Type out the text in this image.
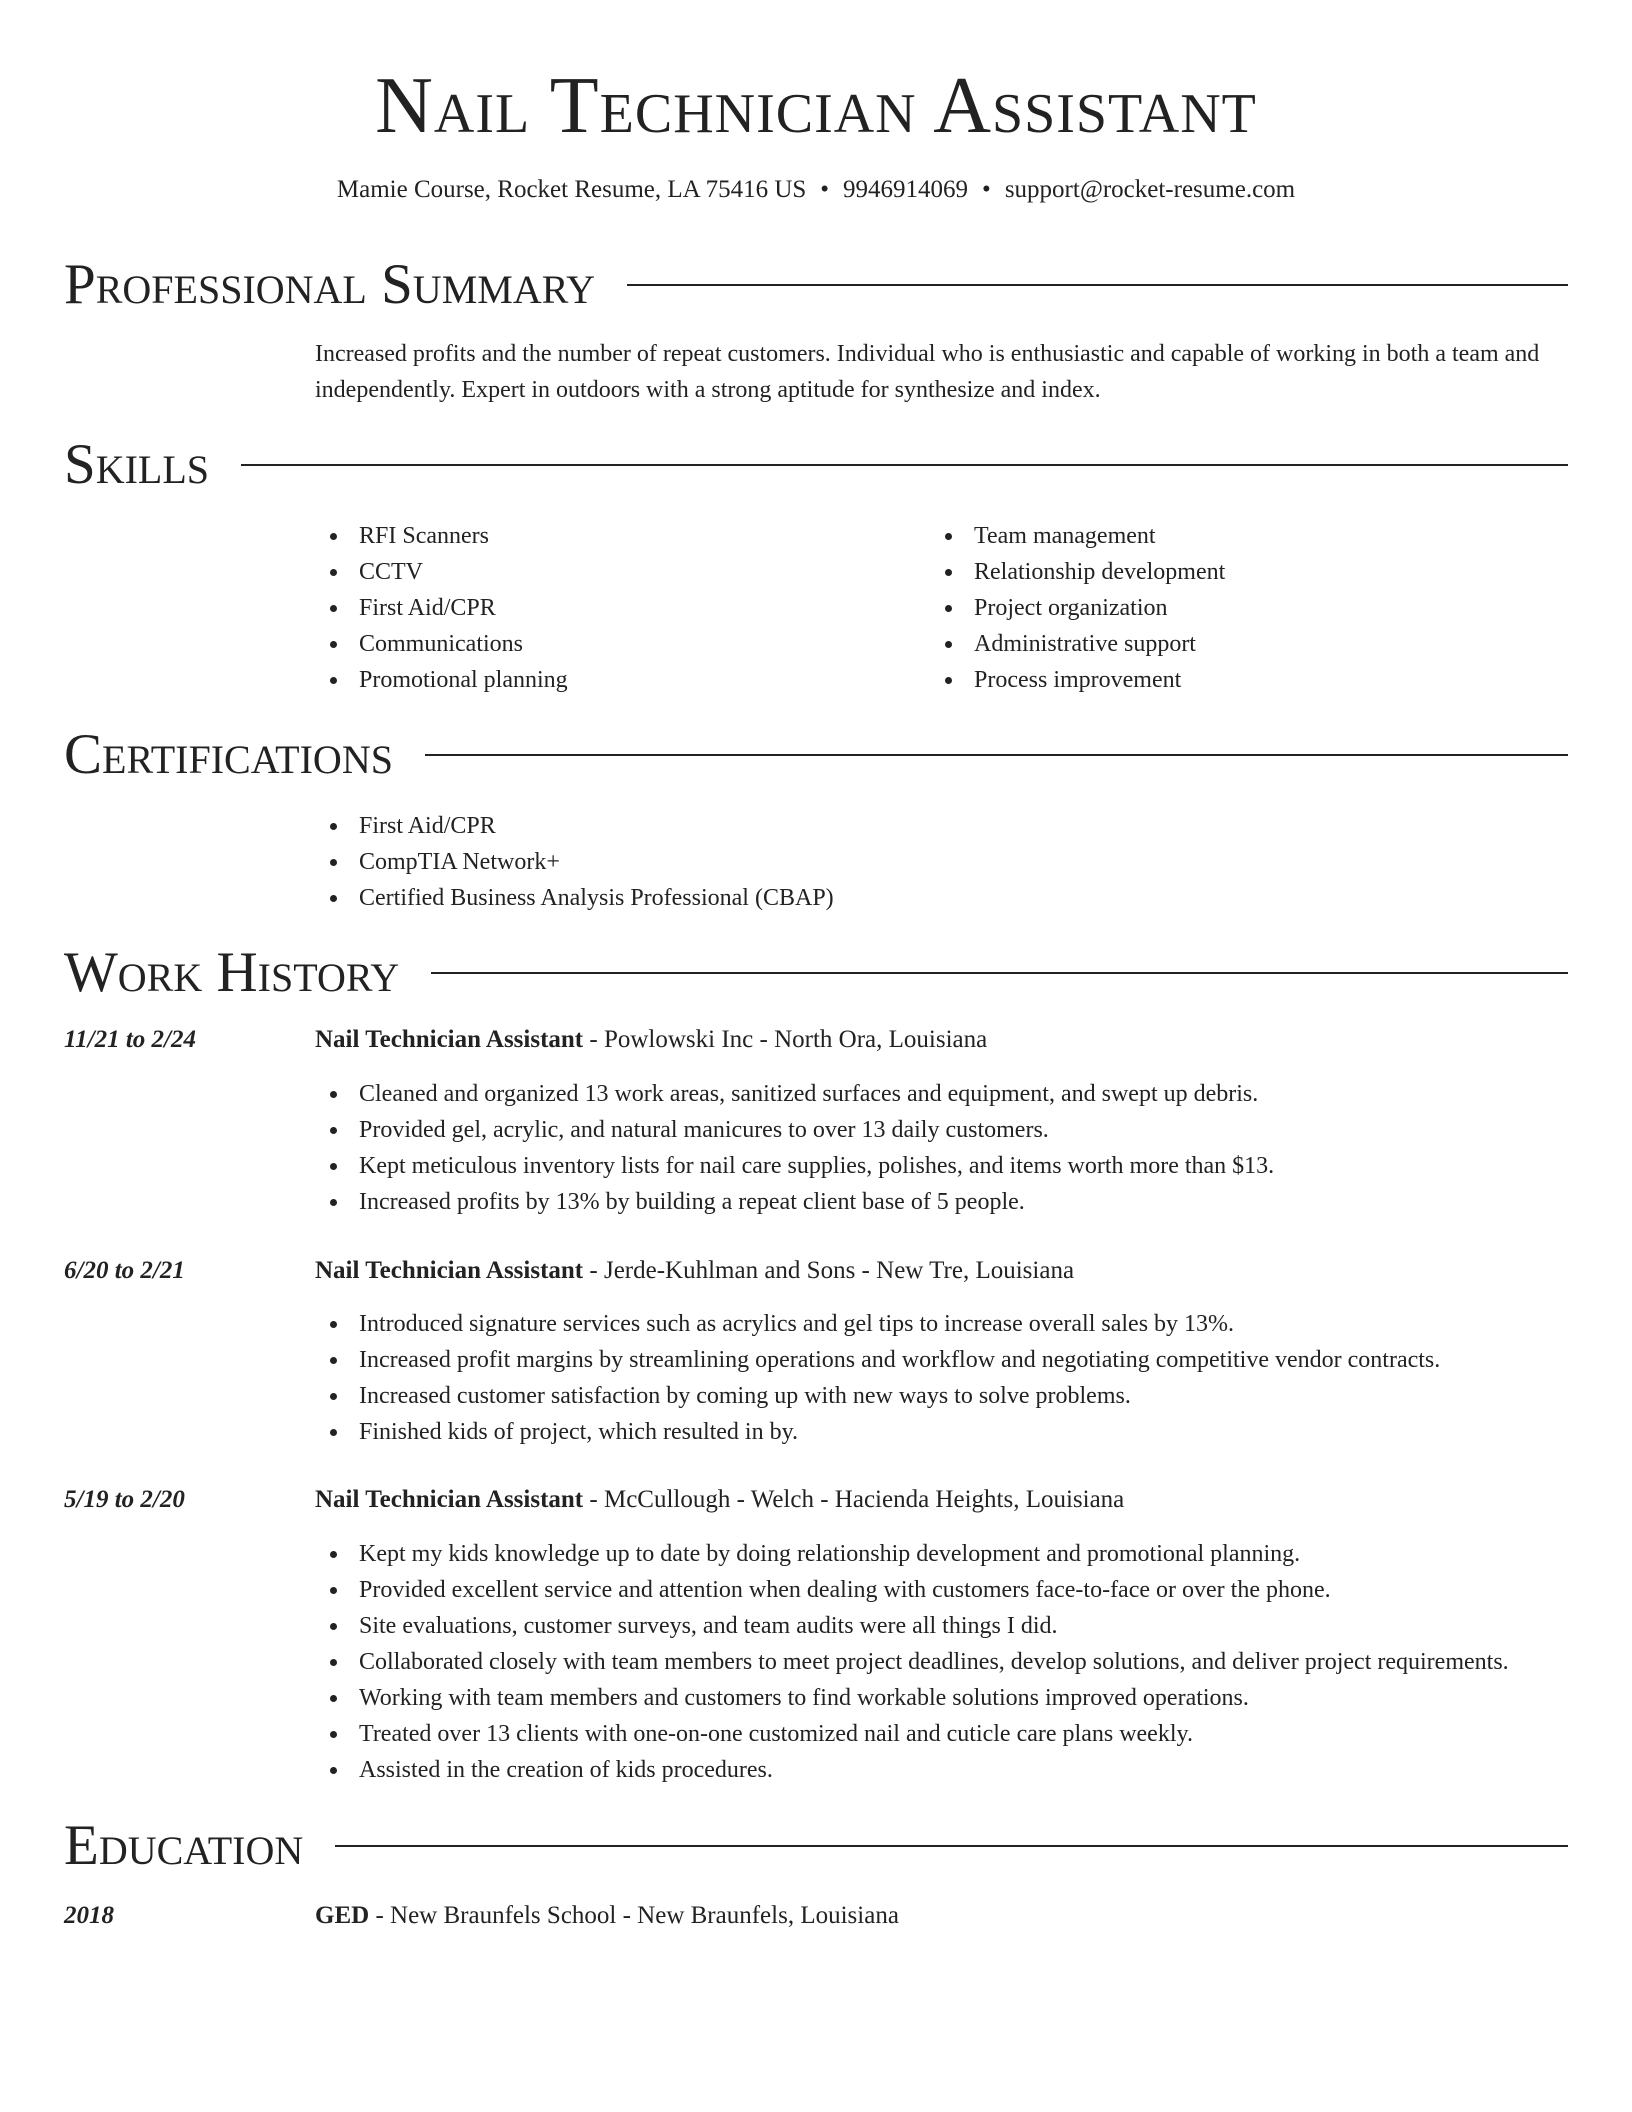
Nail Technician Assistant
Mamie Course, Rocket Resume, LA 75416 US • 9946914069 • support@rocket-resume.com
Professional Summary
Increased profits and the number of repeat customers. Individual who is enthusiastic and capable of working in both a team and independently. Expert in outdoors with a strong aptitude for synthesize and index.
Skills
RFI Scanners
CCTV
First Aid/CPR
Communications
Promotional planning
Team management
Relationship development
Project organization
Administrative support
Process improvement
Certifications
First Aid/CPR
CompTIA Network+
Certified Business Analysis Professional (CBAP)
Work History
11/21 to 2/24	Nail Technician Assistant - Powlowski Inc - North Ora, Louisiana
Cleaned and organized 13 work areas, sanitized surfaces and equipment, and swept up debris.
Provided gel, acrylic, and natural manicures to over 13 daily customers.
Kept meticulous inventory lists for nail care supplies, polishes, and items worth more than $13.
Increased profits by 13% by building a repeat client base of 5 people.
6/20 to 2/21	Nail Technician Assistant - Jerde-Kuhlman and Sons - New Tre, Louisiana
Introduced signature services such as acrylics and gel tips to increase overall sales by 13%.
Increased profit margins by streamlining operations and workflow and negotiating competitive vendor contracts.
Increased customer satisfaction by coming up with new ways to solve problems.
Finished kids of project, which resulted in by.
5/19 to 2/20	Nail Technician Assistant - McCullough - Welch - Hacienda Heights, Louisiana
Kept my kids knowledge up to date by doing relationship development and promotional planning.
Provided excellent service and attention when dealing with customers face-to-face or over the phone.
Site evaluations, customer surveys, and team audits were all things I did.
Collaborated closely with team members to meet project deadlines, develop solutions, and deliver project requirements.
Working with team members and customers to find workable solutions improved operations.
Treated over 13 clients with one-on-one customized nail and cuticle care plans weekly.
Assisted in the creation of kids procedures.
Education
2018	GED - New Braunfels School - New Braunfels, Louisiana
